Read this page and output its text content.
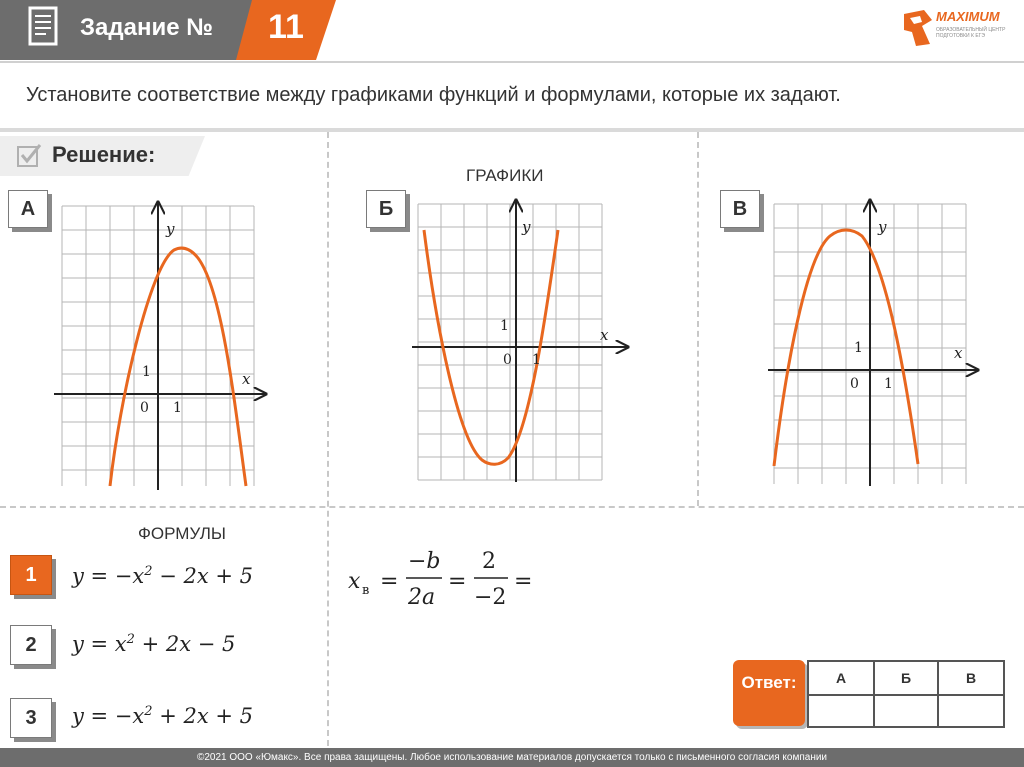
Задание №	11	MAXIMUM
ОБРАЗОВАТЕЛЬНЫЙ ЦЕНТР ПОДГОТОВКИ К ЕГЭ
Установите соответствие между графиками функций и формулами, которые их задают.
Решение:
ГРАФИКИ
А
y
x
1
0 1
Б
y
x
1
0 1
В
y
x
1
0 1
ФОРМУЛЫ
1	$y = -x^2 - 2x + 5$
2	$y = x^2 + 2x - 5$
3	$y = -x^2 + 2x + 5$
x в =
−b
2a
=
2
−2
=
Ответ:	А	Б	В
©2021 ООО «Юмакс». Все права защищены. Любое использование материалов допускается только с письменного согласия компании
